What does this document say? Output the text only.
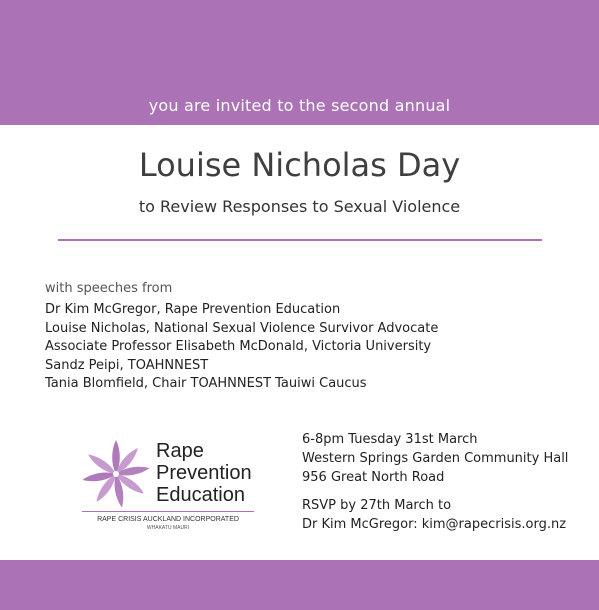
you are invited to the second annual
Louise Nicholas Day
to Review Responses to Sexual Violence
with speeches from
Dr Kim McGregor, Rape Prevention Education
Louise Nicholas, National Sexual Violence Survivor Advocate
Associate Professor Elisabeth McDonald, Victoria University
Sandz Peipi, TOAHNNEST
Tania Blomfield, Chair TOAHNNEST Tauiwi Caucus
Rape
Prevention
Education
RAPE CRISIS AUCKLAND INCORPORATED
WHAKATU MAURI
6-8pm Tuesday 31st March
Western Springs Garden Community Hall
956 Great North Road
RSVP by 27th March to
Dr Kim McGregor: kim@rapecrisis.org.nz
